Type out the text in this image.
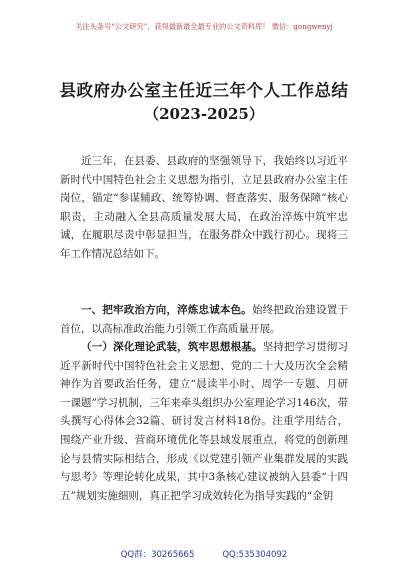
关注头条号“公文研究”，获得最新最全最专业的公文资料库！ 微信：gongwenyj
县政府办公室主任近三年个人工作总结
（2023-2025）
近三年，在县委、县政府的坚强领导下，我始终以习近平新时代中国特色社会主义思想为指引，立足县政府办公室主任岗位，锚定“参谋辅政、统筹协调、督查落实、服务保障”核心职责，主动融入全县高质量发展大局，在政治淬炼中筑牢忠诚，在履职尽责中彰显担当，在服务群众中践行初心。现将三年工作情况总结如下。
一、把牢政治方向，淬炼忠诚本色。始终把政治建设置于首位，以高标准政治能力引领工作高质量开展。
（一）深化理论武装，筑牢思想根基。坚持把学习贯彻习近平新时代中国特色社会主义思想、党的二十大及历次全会精神作为首要政治任务，建立“晨读半小时、周学一专题、月研一课题”学习机制，三年来牵头组织办公室理论学习146次，带头撰写心得体会32篇、研讨发言材料18份。注重学用结合，围绕产业升级、营商环境优化等县域发展重点，将党的创新理论与县情实际相结合，形成《以党建引领产业集群发展的实践与思考》等理论转化成果，其中3条核心建议被纳入县委“十四五”规划实施细则，真正把学习成效转化为指导实践的“金钥
QQ群：30265665	QQ:535304092
